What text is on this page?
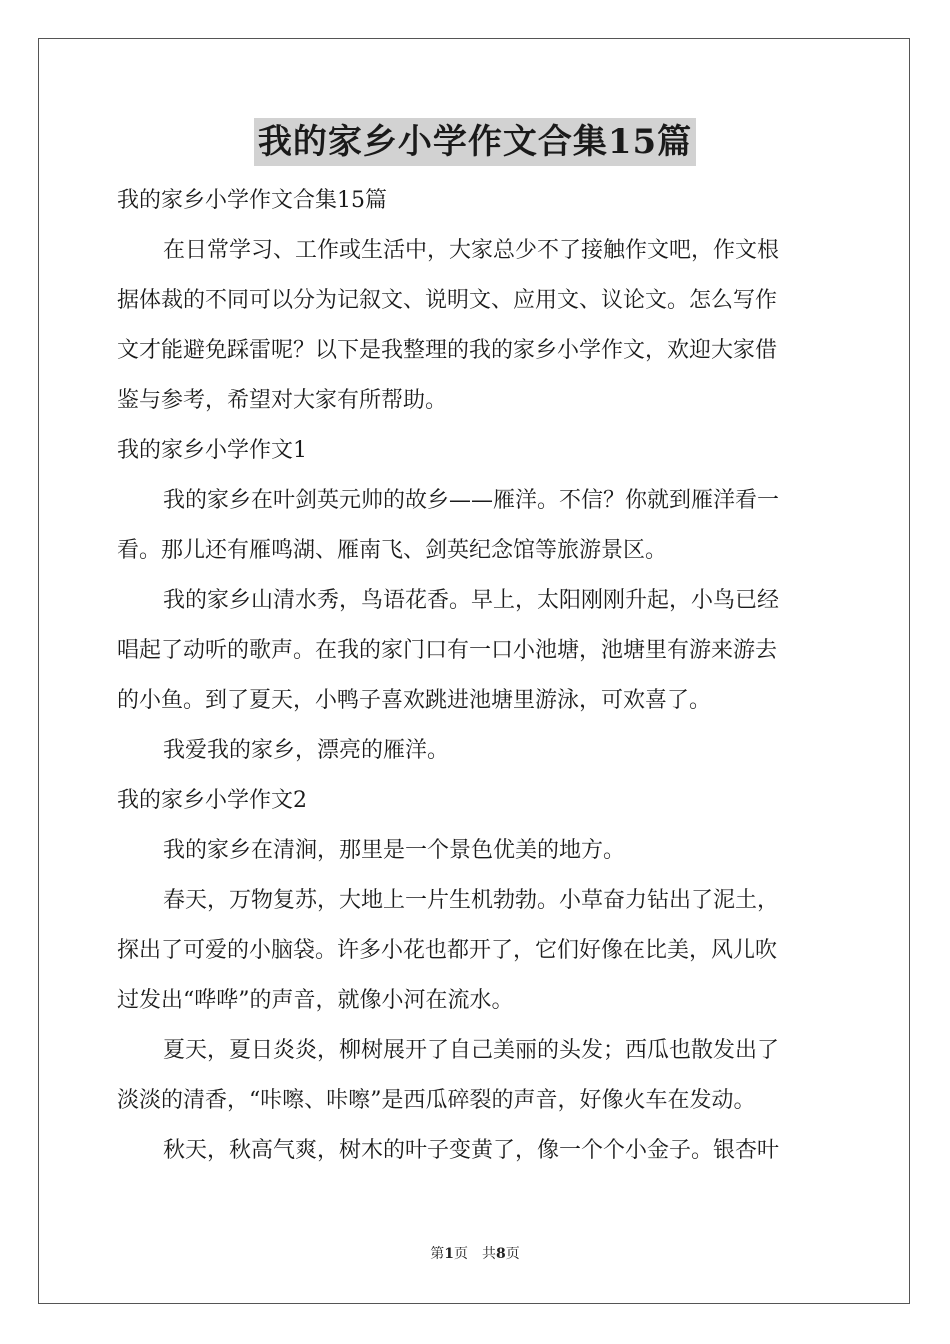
我的家乡小学作文合集15篇
我的家乡小学作文合集15篇
在日常学习、工作或生活中，大家总少不了接触作文吧，作文根
据体裁的不同可以分为记叙文、说明文、应用文、议论文。怎么写作
文才能避免踩雷呢？以下是我整理的我的家乡小学作文，欢迎大家借
鉴与参考，希望对大家有所帮助。
我的家乡小学作文1
我的家乡在叶剑英元帅的故乡——雁洋。不信？你就到雁洋看一
看。那儿还有雁鸣湖、雁南飞、剑英纪念馆等旅游景区。
我的家乡山清水秀，鸟语花香。早上，太阳刚刚升起，小鸟已经
唱起了动听的歌声。在我的家门口有一口小池塘，池塘里有游来游去
的小鱼。到了夏天，小鸭子喜欢跳进池塘里游泳，可欢喜了。
我爱我的家乡，漂亮的雁洋。
我的家乡小学作文2
我的家乡在清涧，那里是一个景色优美的地方。
春天，万物复苏，大地上一片生机勃勃。小草奋力钻出了泥土，
探出了可爱的小脑袋。许多小花也都开了，它们好像在比美，风儿吹
过发出“哗哗”的声音，就像小河在流水。
夏天，夏日炎炎，柳树展开了自己美丽的头发；西瓜也散发出了
淡淡的清香，“咔嚓、咔嚓”是西瓜碎裂的声音，好像火车在发动。
秋天，秋高气爽，树木的叶子变黄了，像一个个小金子。银杏叶
第1页 共8页
